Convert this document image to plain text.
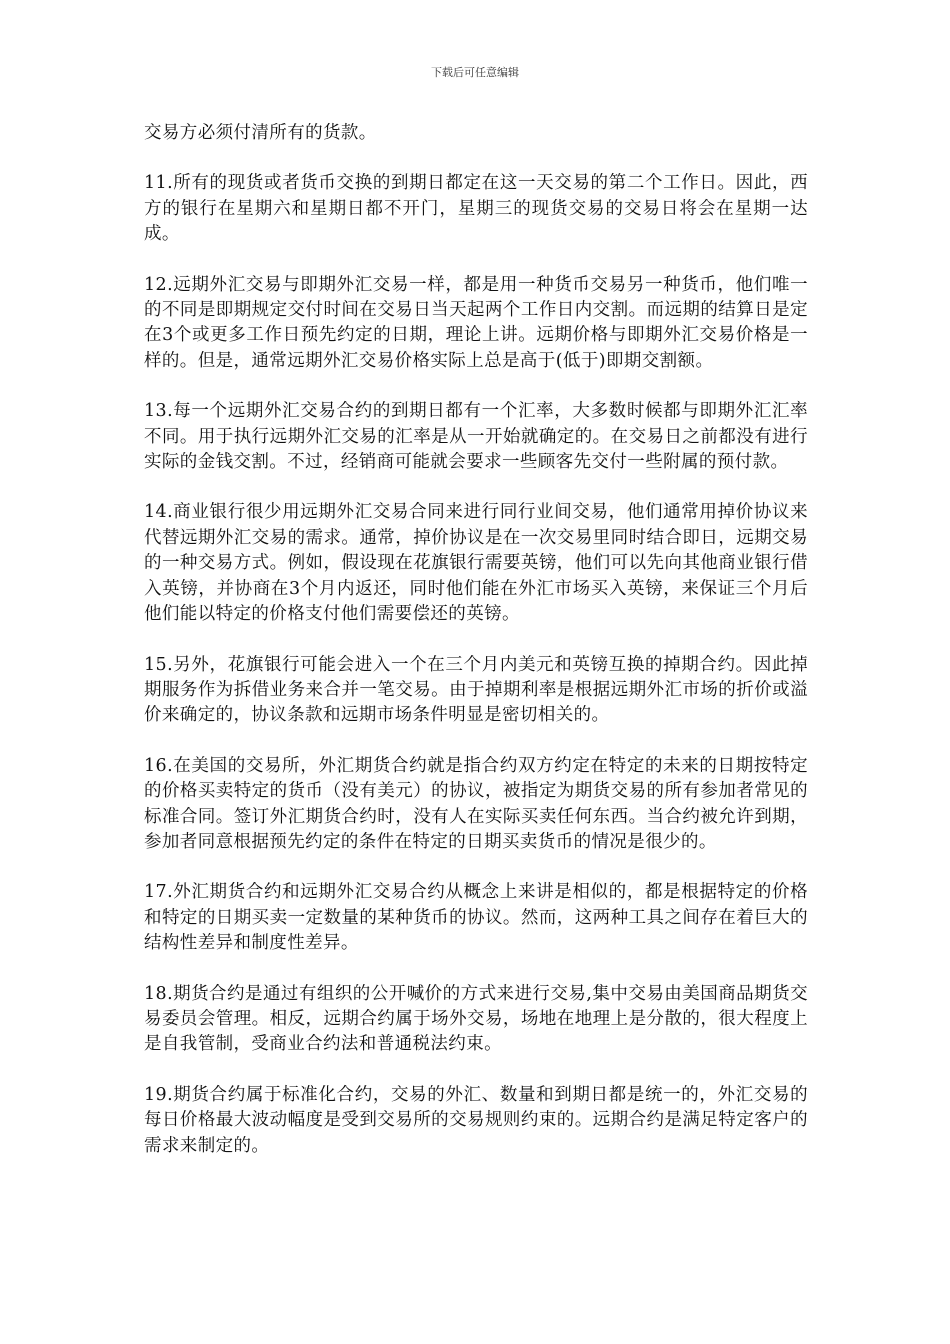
下载后可任意编辑

交易方必须付清所有的货款。

11.所有的现货或者货币交换的到期日都定在这一天交易的第二个工作日。因此，西方的银行在星期六和星期日都不开门，星期三的现货交易的交易日将会在星期一达成。

12.远期外汇交易与即期外汇交易一样，都是用一种货币交易另一种货币，他们唯一的不同是即期规定交付时间在交易日当天起两个工作日内交割。而远期的结算日是定在3个或更多工作日预先约定的日期，理论上讲。远期价格与即期外汇交易价格是一样的。但是，通常远期外汇交易价格实际上总是高于(低于)即期交割额。

13.每一个远期外汇交易合约的到期日都有一个汇率，大多数时候都与即期外汇汇率不同。用于执行远期外汇交易的汇率是从一开始就确定的。在交易日之前都没有进行实际的金钱交割。不过，经销商可能就会要求一些顾客先交付一些附属的预付款。

14.商业银行很少用远期外汇交易合同来进行同行业间交易，他们通常用掉价协议来代替远期外汇交易的需求。通常，掉价协议是在一次交易里同时结合即日，远期交易的一种交易方式。例如，假设现在花旗银行需要英镑，他们可以先向其他商业银行借入英镑，并协商在3个月内返还，同时他们能在外汇市场买入英镑，来保证三个月后他们能以特定的价格支付他们需要偿还的英镑。

15.另外，花旗银行可能会进入一个在三个月内美元和英镑互换的掉期合约。因此掉期服务作为拆借业务来合并一笔交易。由于掉期利率是根据远期外汇市场的折价或溢价来确定的，协议条款和远期市场条件明显是密切相关的。

16.在美国的交易所，外汇期货合约就是指合约双方约定在特定的未来的日期按特定的价格买卖特定的货币（没有美元）的协议，被指定为期货交易的所有参加者常见的标准合同。签订外汇期货合约时，没有人在实际买卖任何东西。当合约被允许到期，参加者同意根据预先约定的条件在特定的日期买卖货币的情况是很少的。

17.外汇期货合约和远期外汇交易合约从概念上来讲是相似的，都是根据特定的价格和特定的日期买卖一定数量的某种货币的协议。然而，这两种工具之间存在着巨大的结构性差异和制度性差异。

18.期货合约是通过有组织的公开喊价的方式来进行交易,集中交易由美国商品期货交易委员会管理。相反，远期合约属于场外交易，场地在地理上是分散的，很大程度上是自我管制，受商业合约法和普通税法约束。

19.期货合约属于标准化合约，交易的外汇、数量和到期日都是统一的，外汇交易的每日价格最大波动幅度是受到交易所的交易规则约束的。远期合约是满足特定客户的需求来制定的。
